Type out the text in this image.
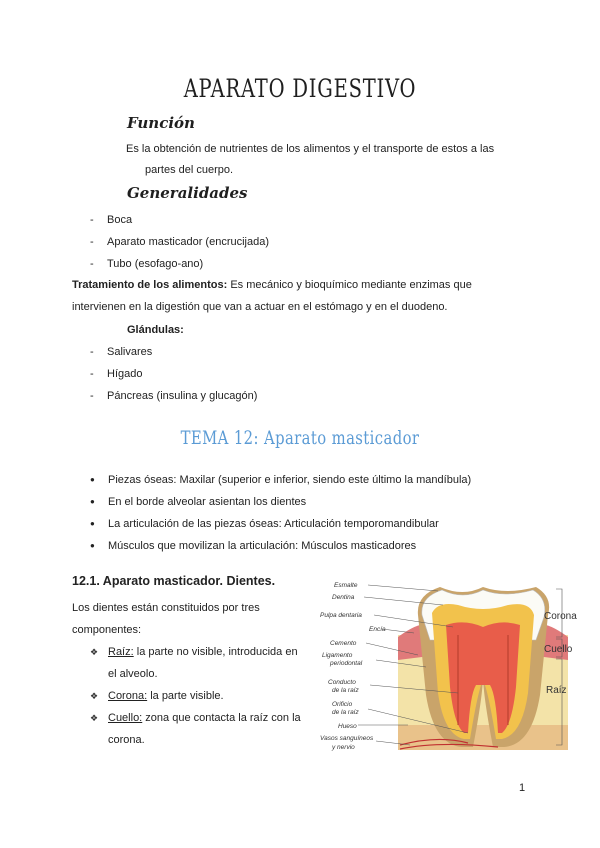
APARATO DIGESTIVO
Función
Es la obtención de nutrientes de los alimentos y el transporte de estos a las
partes del cuerpo.
Generalidades
- Boca
- Aparato masticador (encrucijada)
- Tubo (esofago-ano)
Tratamiento de los alimentos: Es mecánico y bioquímico mediante enzimas que
intervienen en la digestión que van a actuar en el estómago y en el duodeno.
Glándulas:
- Salivares
- Hígado
- Páncreas (insulina y glucagón)
TEMA 12: Aparato masticador
● Piezas óseas: Maxilar (superior e inferior, siendo este último la mandíbula)
● En el borde alveolar asientan los dientes
● La articulación de las piezas óseas: Articulación temporomandibular
● Músculos que movilizan la articulación: Músculos masticadores
12.1. Aparato masticador. Dientes.
Los dientes están constituidos por tres
componentes:
❖ Raíz: la parte no visible, introducida en
el alveolo.
❖ Corona: la parte visible.
❖ Cuello: zona que contacta la raíz con la
corona.
Esmalte
Dentina
Pulpa dentaria
Encía
Cemento
Ligamento
periodontal
Conducto
de la raíz
Orificio
de la raíz
Hueso
Vasos sanguíneos
y nervio
Corona
Cuello
Raíz
1
